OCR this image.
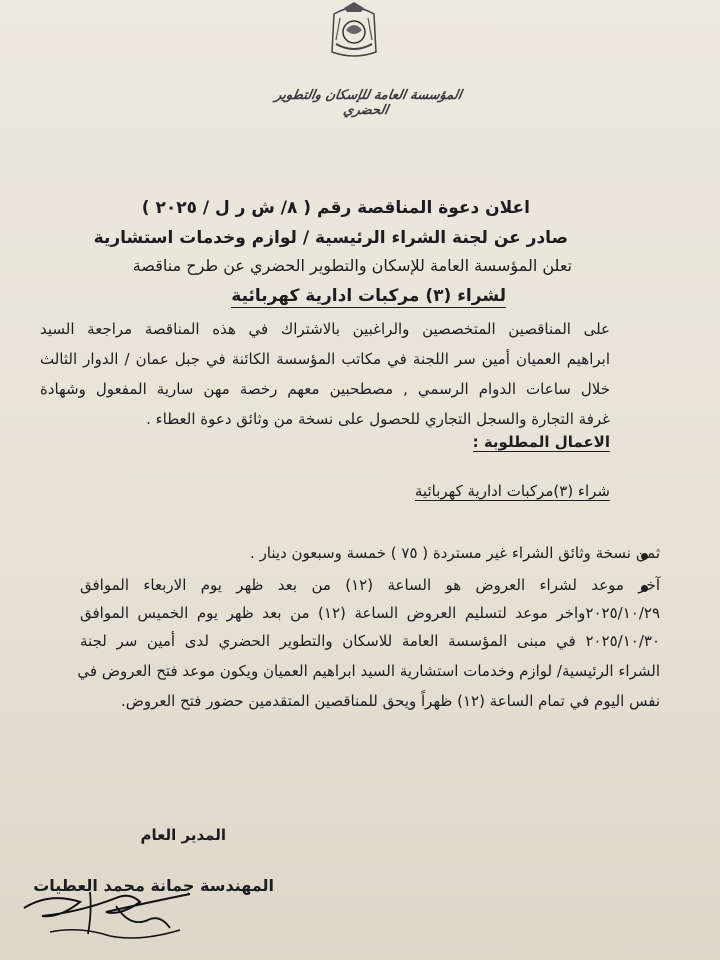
المؤسسة العامة للإسكان والتطوير الحضري
اعلان دعوة المناقصة رقم ( ٨/ ش ر ل / ٢٠٢٥ )
صادر عن لجنة الشراء الرئيسية / لوازم وخدمات استشارية
تعلن المؤسسة العامة للإسكان والتطوير الحضري عن طرح مناقصة
لشراء (٣) مركبات ادارية كهربائية
على المناقصين المتخصصين والراغبين بالاشتراك في هذه المناقصة مراجعة السيد
ابراهيم العميان أمين سر اللجنة في مكاتب المؤسسة الكائنة في جبل عمان / الدوار الثالث
خلال ساعات الدوام الرسمي , مصطحبين معهم رخصة مهن سارية المفعول وشهادة
غرفة التجارة والسجل التجاري للحصول على نسخة من وثائق دعوة العطاء .
الاعمال المطلوبة :
شراء (٣)مركبات ادارية كهربائية
ثمن نسخة وثائق الشراء غير مستردة ( ٧٥ ) خمسة وسبعون دينار .
آخر موعد لشراء العروض هو الساعة (١٢) من بعد ظهر يوم الاربعاء الموافق
٢٠٢٥/١٠/٢٩واخر موعد لتسليم العروض الساعة (١٢) من بعد ظهر يوم الخميس الموافق
٢٠٢٥/١٠/٣٠ في مبنى المؤسسة العامة للاسكان والتطوير الحضري لدى أمين سر لجنة
الشراء الرئيسية/ لوازم وخدمات استشارية السيد ابراهيم العميان ويكون موعد فتح العروض في
نفس اليوم في تمام الساعة (١٢) ظهراً ويحق للمناقصين المتقدمين حضور فتح العروض.
المدير العام
المهندسة جمانة محمد العطيات
